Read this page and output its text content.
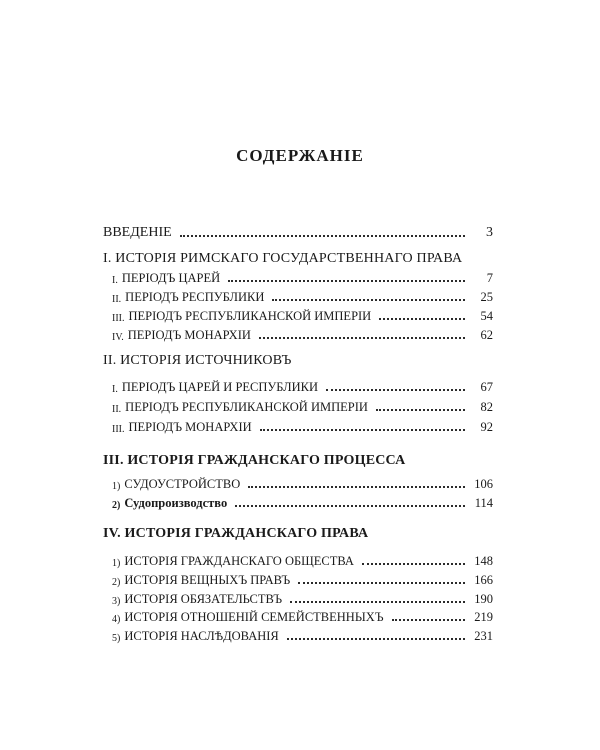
СОДЕРЖАНІЕ
ВВЕДЕНІЕ	3
I. ИСТОРІЯ РИМСКАГО ГОСУДАРСТВЕННАГО ПРАВА
I. ПЕРІОДЪ ЦАРЕЙ	7
II. ПЕРІОДЪ РЕСПУБЛИКИ	25
III. ПЕРІОДЪ РЕСПУБЛИКАНСКОЙ ИМПЕРІИ	54
IV. ПЕРІОДЪ МОНАРХІИ	62
II. ИСТОРІЯ ИСТОЧНИКОВЪ
I. ПЕРІОДЪ ЦАРЕЙ И РЕСПУБЛИКИ	67
II. ПЕРІОДЪ РЕСПУБЛИКАНСКОЙ ИМПЕРІИ	82
III. ПЕРІОДЪ МОНАРХІИ	92
III. ИСТОРІЯ ГРАЖДАНСКАГО ПРОЦЕССА
1) СУДОУСТРОЙСТВО	106
2) Судопроизводство	114
IV. ИСТОРІЯ ГРАЖДАНСКАГО ПРАВА
1) ИСТОРІЯ ГРАЖДАНСКАГО ОБЩЕСТВА	148
2) ИСТОРІЯ ВЕЩНЫХЪ ПРАВЪ	166
3) ИСТОРІЯ ОБЯЗАТЕЛЬСТВЪ	190
4) ИСТОРІЯ ОТНОШЕНІЙ СЕМЕЙСТВЕННЫХЪ	219
5) ИСТОРІЯ НАСЛѢДОВАНІЯ	231
